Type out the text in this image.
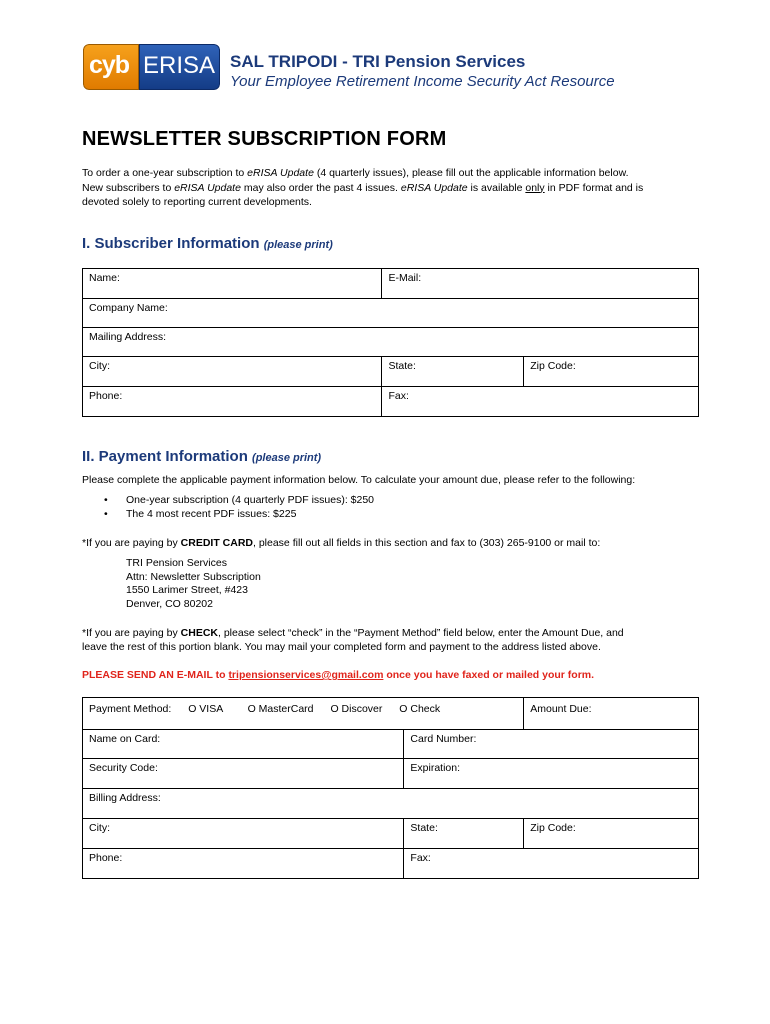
cyb ERISA SAL TRIPODI - TRI Pension Services
Your Employee Retirement Income Security Act Resource
NEWSLETTER SUBSCRIPTION FORM
To order a one-year subscription to eRISA Update (4 quarterly issues), please fill out the applicable information below.
New subscribers to eRISA Update may also order the past 4 issues. eRISA Update is available only in PDF format and is
devoted solely to reporting current developments.
I. Subscriber Information (please print)
Name:	E-Mail:	
Company Name:		
Mailing Address:		
City:	State:	Zip Code:
Phone:	Fax:	
II. Payment Information (please print)
Please complete the applicable payment information below. To calculate your amount due, please refer to the following:
• One-year subscription (4 quarterly PDF issues): $250
• The 4 most recent PDF issues: $225
*If you are paying by CREDIT CARD, please fill out all fields in this section and fax to (303) 265-9100 or mail to:
TRI Pension Services
Attn: Newsletter Subscription
1550 Larimer Street, #423
Denver, CO 80202
*If you are paying by CHECK, please select “check” in the “Payment Method” field below, enter the Amount Due, and
leave the rest of this portion blank. You may mail your completed form and payment to the address listed above.
PLEASE SEND AN E-MAIL to tripensionservices@gmail.com once you have faxed or mailed your form.
Payment Method: O VISA O MasterCard O Discover O Check		Amount Due:
Name on Card:	Card Number:	
Security Code:	Expiration:	
Billing Address:		
City:	State:	Zip Code:
Phone:	Fax:	
